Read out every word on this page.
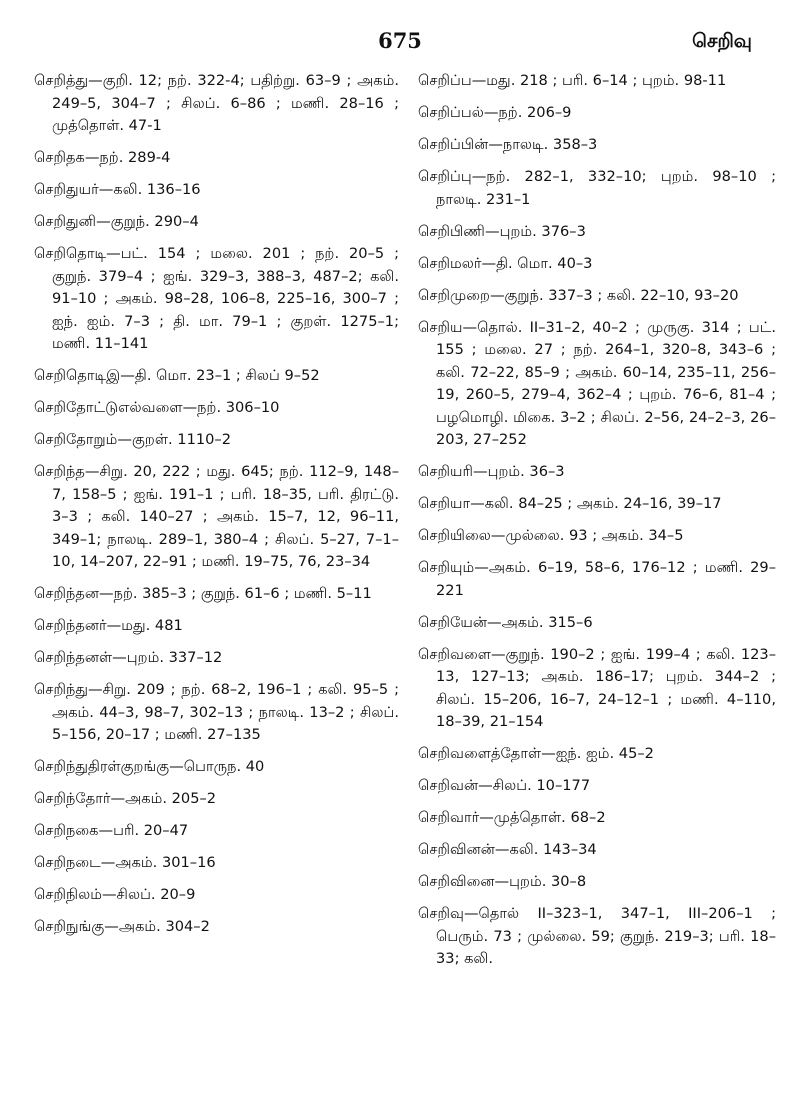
675	செறிவு
செறித்து—குறி. 12; நற். 322-4; பதிற்று. 63–9 ; அகம். 249–5, 304–7 ; சிலப். 6–86 ; மணி. 28–16 ; முத்தொள். 47-1
செறிதக—நற். 289-4
செறிதுயர்—கலி. 136–16
செறிதுனி—குறுந். 290–4
செறிதொடி—பட். 154 ; மலை. 201 ; நற். 20–5 ; குறுந். 379–4 ; ஐங். 329–3, 388–3, 487–2; கலி. 91–10 ; அகம். 98–28, 106–8, 225–16, 300–7 ; ஐந். ஐம். 7–3 ; தி. மா. 79–1 ; குறள். 1275–1; மணி. 11–141
செறிதொடிஇ—தி. மொ. 23–1 ; சிலப் 9–52
செறிதோட்டுஎல்வளை—நற். 306–10
செறிதோறும்—குறள். 1110–2
செறிந்த—சிறு. 20, 222 ; மது. 645; நற். 112–9, 148–7, 158–5 ; ஐங். 191–1 ; பரி. 18–35, பரி. திரட்டு. 3–3 ; கலி. 140–27 ; அகம். 15–7, 12, 96–11, 349–1; நாலடி. 289–1, 380–4 ; சிலப். 5–27, 7–1–10, 14–207, 22–91 ; மணி. 19–75, 76, 23–34
செறிந்தன—நற். 385–3 ; குறுந். 61–6 ; மணி. 5–11
செறிந்தனர்—மது. 481
செறிந்தனள்—புறம். 337–12
செறிந்து—சிறு. 209 ; நற். 68–2, 196–1 ; கலி. 95–5 ; அகம். 44–3, 98–7, 302–13 ; நாலடி. 13–2 ; சிலப். 5–156, 20–17 ; மணி. 27–135
செறிந்துதிரள்குறங்கு—பொருந. 40
செறிந்தோர்—அகம். 205–2
செறிநகை—பரி. 20–47
செறிநடை—அகம். 301–16
செறிநிலம்—சிலப். 20–9
செறிநுங்கு—அகம். 304–2
செறிப்ப—மது. 218 ; பரி. 6–14 ; புறம். 98-11
செறிப்பல்—நற். 206–9
செறிப்பின்—நாலடி. 358–3
செறிப்பு—நற். 282–1, 332–10; புறம். 98–10 ; நாலடி. 231–1
செறிபிணி—புறம். 376–3
செறிமலர்—தி. மொ. 40–3
செறிமுறை—குறுந். 337–3 ; கலி. 22–10, 93–20
செறிய—தொல். II–31–2, 40–2 ; முருகு. 314 ; பட். 155 ; மலை. 27 ; நற். 264–1, 320–8, 343–6 ; கலி. 72–22, 85–9 ; அகம். 60–14, 235–11, 256–19, 260–5, 279–4, 362–4 ; புறம். 76–6, 81–4 ; பழமொழி. மிகை. 3–2 ; சிலப். 2–56, 24–2–3, 26–203, 27–252
செறியரி—புறம். 36–3
செறியா—கலி. 84–25 ; அகம். 24–16, 39–17
செறியிலை—முல்லை. 93 ; அகம். 34–5
செறியும்—அகம். 6–19, 58–6, 176–12 ; மணி. 29–221
செறியேன்—அகம். 315–6
செறிவளை—குறுந். 190–2 ; ஐங். 199–4 ; கலி. 123–13, 127–13; அகம். 186–17; புறம். 344–2 ; சிலப். 15–206, 16–7, 24–12–1 ; மணி. 4–110, 18–39, 21–154
செறிவளைத்தோள்—ஐந். ஐம். 45–2
செறிவன்—சிலப். 10–177
செறிவார்—முத்தொள். 68–2
செறிவினன்—கலி. 143–34
செறிவினை—புறம். 30–8
செறிவு—தொல் II–323–1, 347–1, III–206–1 ; பெரும். 73 ; முல்லை. 59; குறுந். 219–3; பரி. 18–33; கலி.
